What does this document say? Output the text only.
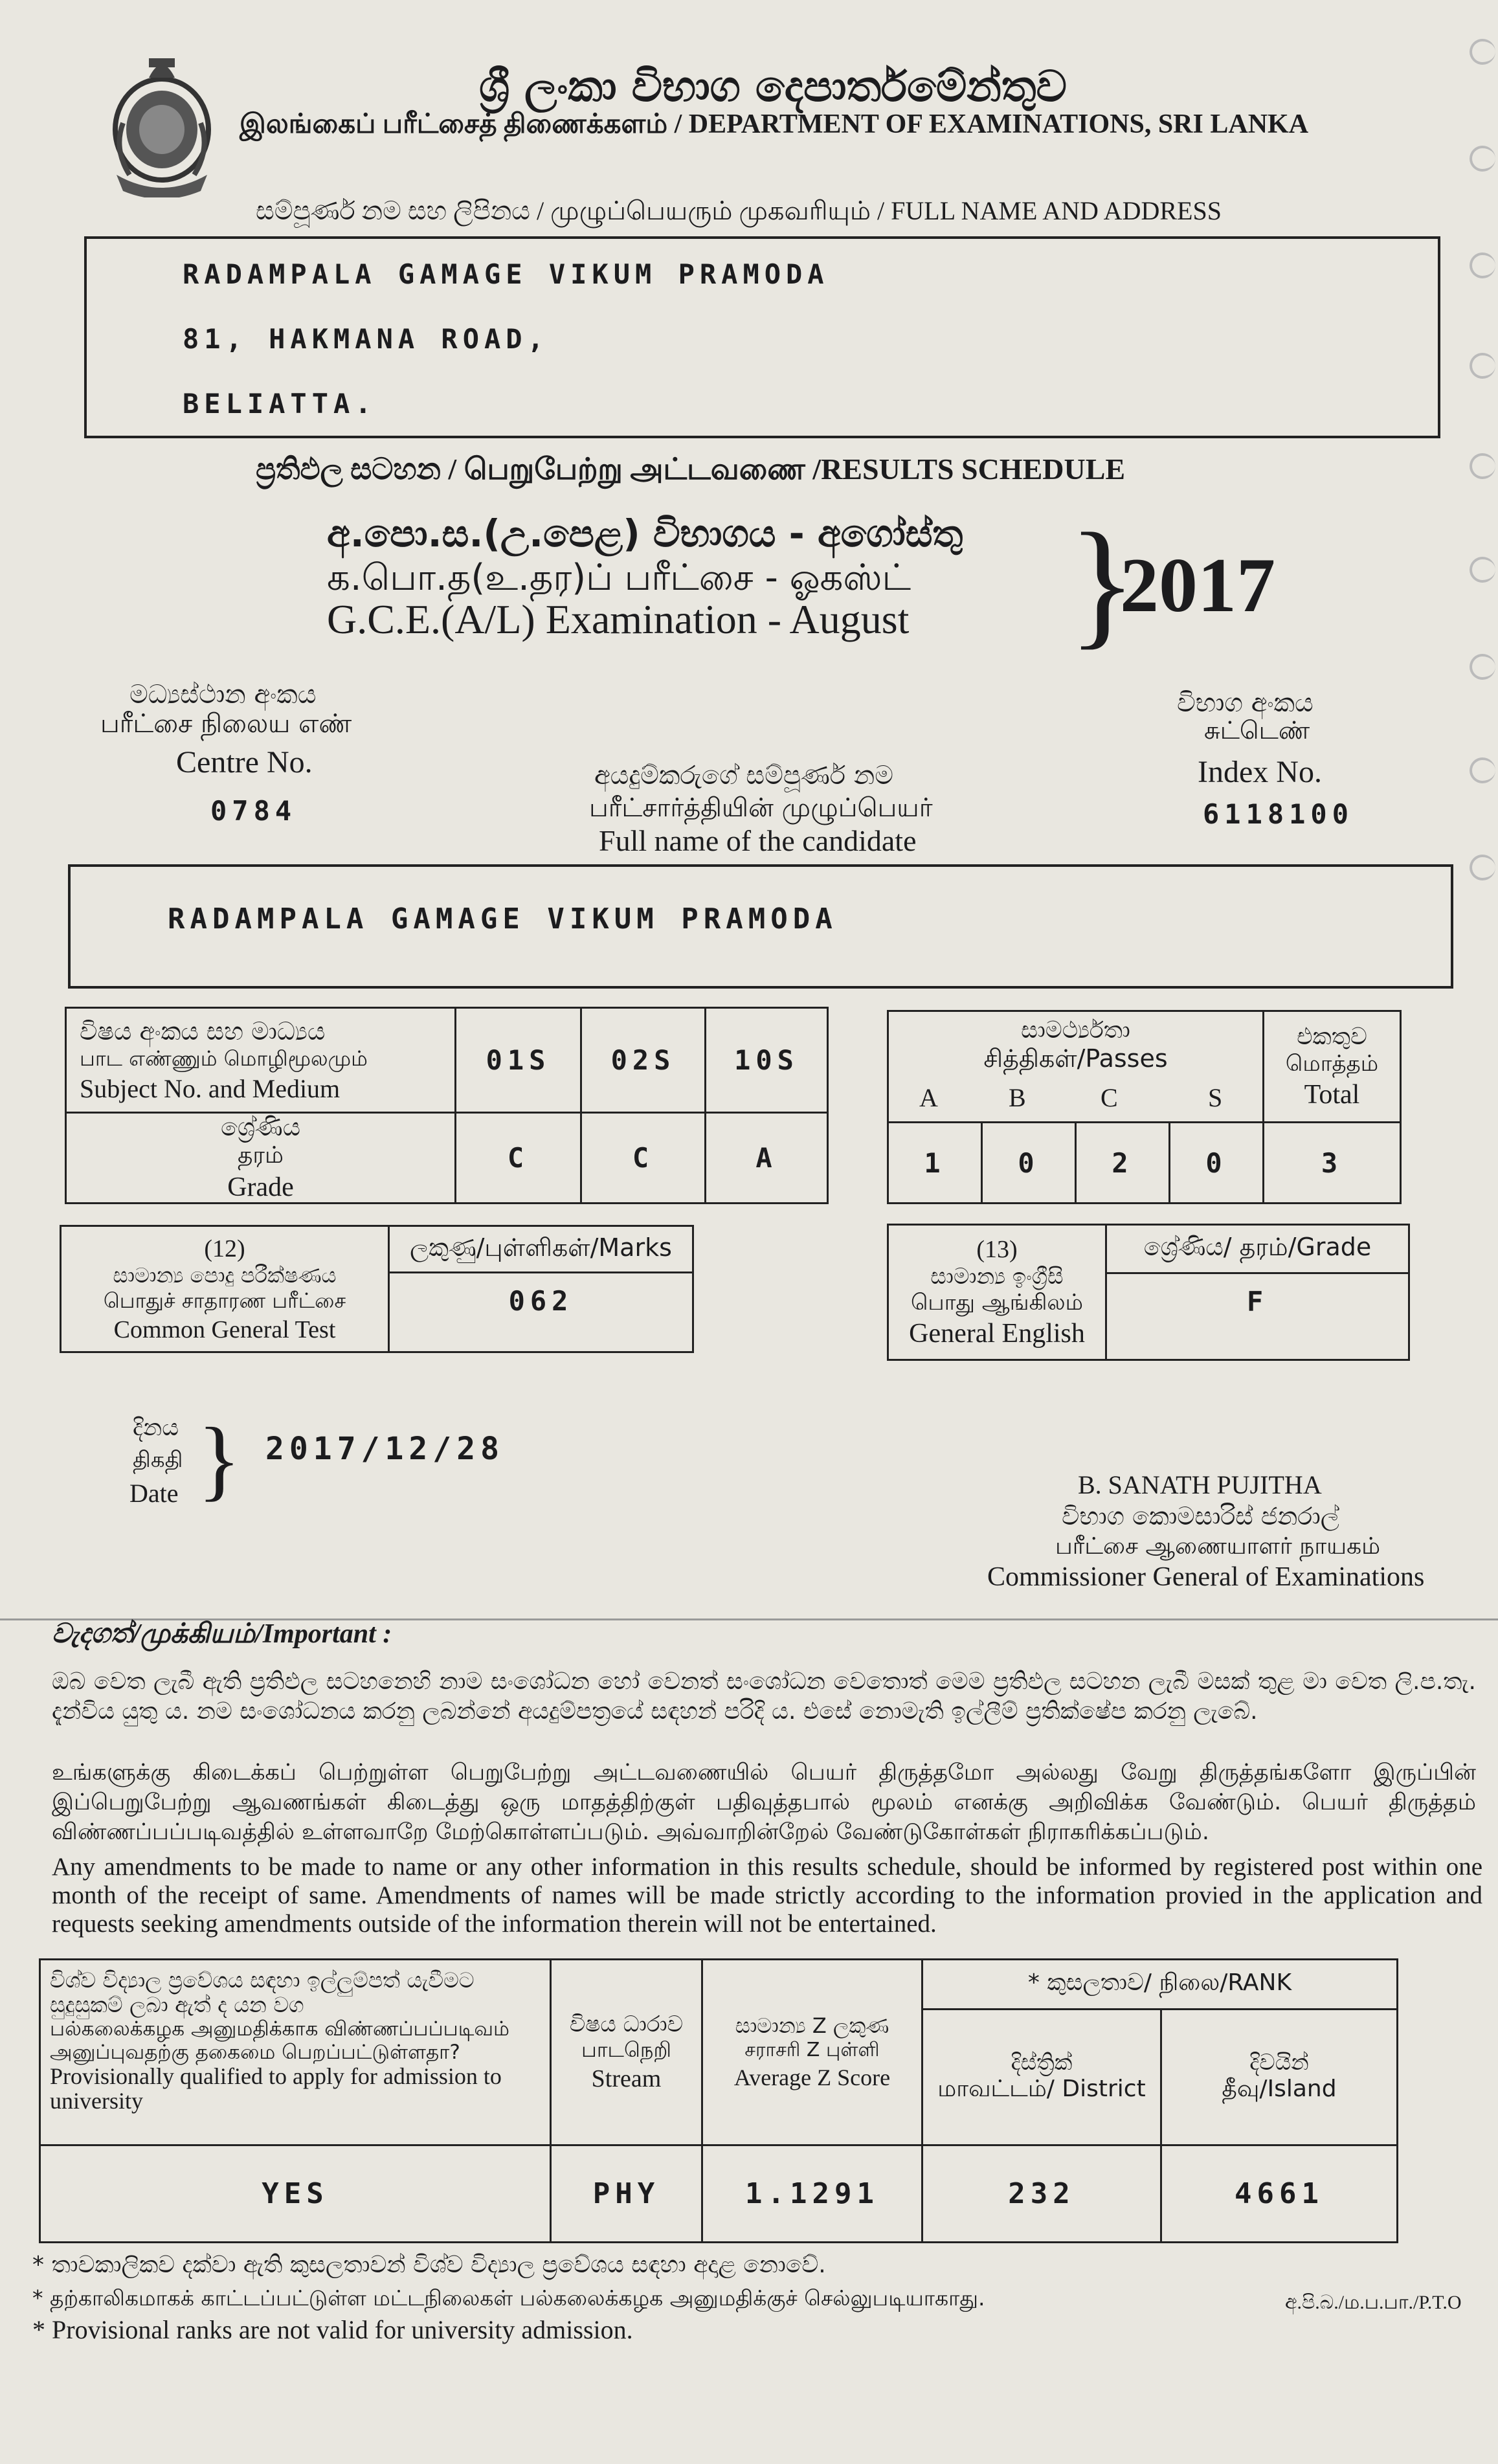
ශ්‍රී ලංකා විභාග දෙපාර්තමේන්තුව
இலங்கைப் பரீட்சைத் திணைக்களம் / DEPARTMENT OF EXAMINATIONS, SRI LANKA
සම්පූර්ණ නම සහ ලිපිනය / முழுப்பெயரும் முகவரியும் / FULL NAME AND ADDRESS
RADAMPALA GAMAGE VIKUM PRAMODA
81, HAKMANA ROAD,
BELIATTA.
ප්‍රතිඵල සටහන / பெறுபேற்று அட்டவணை /RESULTS SCHEDULE
අ.පො.ස.(උ.පෙළ) විභාගය - අගෝස්තු
க.பொ.த(உ.தர)ப் பரீட்சை - ஓகஸ்ட்
G.C.E.(A/L) Examination - August }
2017
මධ්‍යස්ථාන අංකය
பரீட்சை நிலைய எண்
Centre No.
0784
අයදුම්කරුගේ සම්පූර්ණ නම
பரீட்சார்த்தியின் முழுப்பெயர்
Full name of the candidate
විභාග අංකය
சுட்டெண்
Index No.
6118100
RADAMPALA GAMAGE VIKUM PRAMODA
විෂය අංකය සහ මාධ්‍යය
பாட எண்ணும் மொழிமூலமும்
Subject No. and Medium
01S	02S	10S
ශ්‍රේණිය
தரம்
Grade
C	C	A
සාමර්ථ්‍යතා
சித்திகள்/Passes
A	B	C	S
එකතුව
மொத்தம்
Total
1	0	2	0	3
(12)
සාමාන්‍ය පොදු පරීක්ෂණය
பொதுச் சாதாரண பரீட்சை
Common General Test
ලකුණු/புள்ளிகள்/Marks
062
(13)
සාමාන්‍ය ඉංග්‍රීසි
பொது ஆங்கிலம்
General English
ශ්‍රේණිය/ தரம்/Grade
F
දිනය
திகதி
Date } 2017/12/28
B. SANATH PUJITHA
විභාග කොමසාරිස් ජනරාල්
பரீட்சை ஆணையாளர் நாயகம்
Commissioner General of Examinations
වැදගත්/முக்கியம்/Important :
ඔබ වෙත ලැබී ඇති ප්‍රතිඵල සටහනෙහි නාම සංශෝධන හෝ වෙනත් සංශෝධන වෙතොත් මෙම ප්‍රතිඵල සටහන ලැබී මසක් තුළ මා වෙත ලි.ප.තැ. දැන්විය යුතු ය. නම සංශෝධනය කරනු ලබන්නේ අයදුම්පත්‍රයේ සඳහන් පරිදි ය. එසේ නොමැති ඉල්ලීම් ප්‍රතික්ෂේප කරනු ලැබේ.
உங்களுக்கு கிடைக்கப் பெற்றுள்ள பெறுபேற்று அட்டவணையில் பெயர் திருத்தமோ அல்லது வேறு திருத்தங்களோ இருப்பின் இப்பெறுபேற்று ஆவணங்கள் கிடைத்து ஒரு மாதத்திற்குள் பதிவுத்தபால் மூலம் எனக்கு அறிவிக்க வேண்டும். பெயர் திருத்தம் விண்ணப்பப்படிவத்தில் உள்ளவாறே மேற்கொள்ளப்படும். அவ்வாறின்றேல் வேண்டுகோள்கள் நிராகரிக்கப்படும்.
Any amendments to be made to name or any other information in this results schedule, should be informed by registered post within one month of the receipt of same. Amendments of names will be made strictly according to the information provied in the application and requests seeking amendments outside of the information therein will not be entertained.
විශ්ව විද්‍යාල ප්‍රවේශය සඳහා ඉල්ලුම්පත් යැවීමට සුදුසුකම් ලබා ඇත් ද යන වග
பல்கலைக்கழக அனுமதிக்காக விண்ணப்பப்படிவம் அனுப்புவதற்கு தகைமை பெறப்பட்டுள்ளதா?
Provisionally qualified to apply for admission to university
විෂය ධාරාව
பாடநெறி
Stream
සාමාන්‍ය Z ලකුණ
சராசரி Z புள்ளி
Average Z Score
* කුසලතාව/ நிலை/RANK
දිස්ත්‍රික්
மாவட்டம்/ District
දිවයින්
தீவு/Island
YES	PHY	1.1291	232	4661
* තාවකාලිකව දක්වා ඇති කුසලතාවන් විශ්ව විද්‍යාල ප්‍රවේශය සඳහා අදාළ නොවේ.
* தற்காலிகமாகக் காட்டப்பட்டுள்ள மட்டநிலைகள் பல்கலைக்கழக அனுமதிக்குச் செல்லுபடியாகாது.
* Provisional ranks are not valid for university admission.
අ.පි.බ./ம.ப.பா./P.T.O
